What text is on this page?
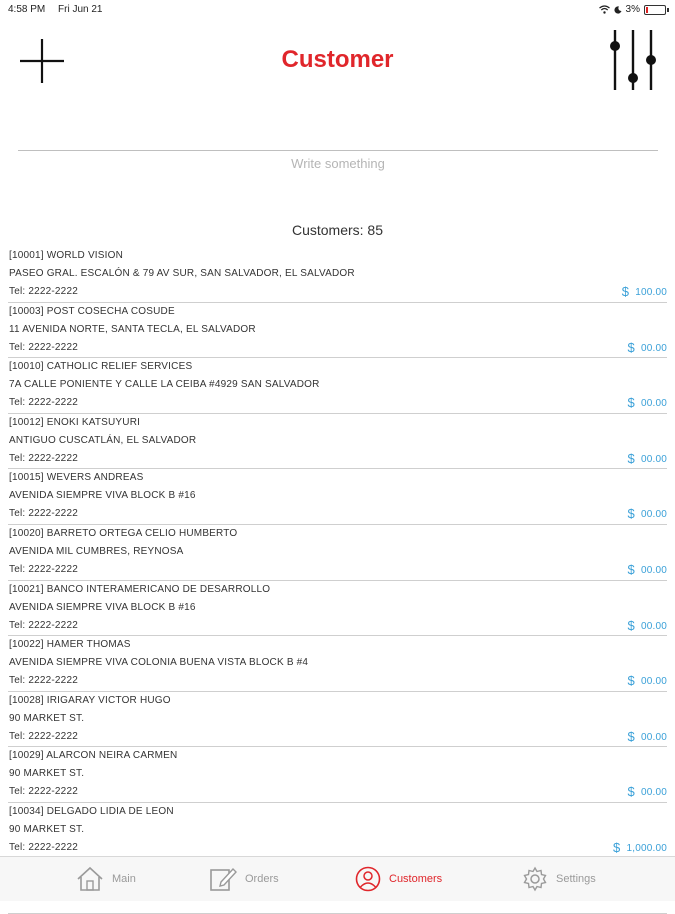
4:58 PM Fri Jun 21	3%
Customer
Write something
Customers: 85
[10001] WORLD VISION
PASEO GRAL. ESCALÓN & 79 AV SUR, SAN SALVADOR, EL SALVADOR
Tel: 2222-2222	$ 100.00
[10003] POST COSECHA COSUDE
11 AVENIDA NORTE, SANTA TECLA, EL SALVADOR
Tel: 2222-2222	$ 00.00
[10010] CATHOLIC RELIEF SERVICES
7A CALLE PONIENTE Y CALLE LA CEIBA #4929 SAN SALVADOR
Tel: 2222-2222	$ 00.00
[10012] ENOKI KATSUYURI
ANTIGUO CUSCATLÁN, EL SALVADOR
Tel: 2222-2222	$ 00.00
[10015] WEVERS ANDREAS
AVENIDA SIEMPRE VIVA BLOCK B #16
Tel: 2222-2222	$ 00.00
[10020] BARRETO ORTEGA CELIO HUMBERTO
AVENIDA MIL CUMBRES, REYNOSA
Tel: 2222-2222	$ 00.00
[10021] BANCO INTERAMERICANO DE DESARROLLO
AVENIDA SIEMPRE VIVA BLOCK B #16
Tel: 2222-2222	$ 00.00
[10022] HAMER THOMAS
AVENIDA SIEMPRE VIVA COLONIA BUENA VISTA BLOCK B #4
Tel: 2222-2222	$ 00.00
[10028] IRIGARAY VICTOR HUGO
90 MARKET ST.
Tel: 2222-2222	$ 00.00
[10029] ALARCON NEIRA CARMEN
90 MARKET ST.
Tel: 2222-2222	$ 00.00
[10034] DELGADO LIDIA DE LEON
90 MARKET ST.
Tel: 2222-2222	$ 1,000.00
Main	Orders	Customers	Settings
